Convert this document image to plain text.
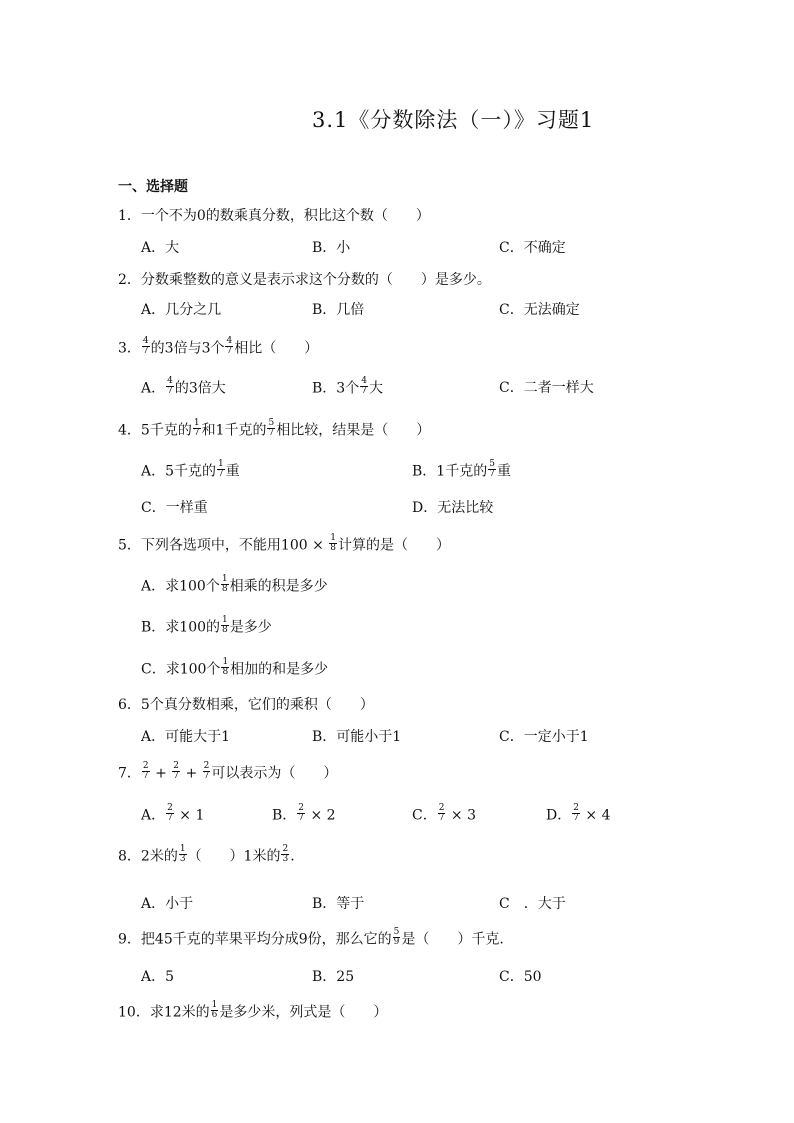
3.1《分数除法（一）》习题1
一、选择题
1．一个不为0的数乘真分数，积比这个数（　　）
A．大	B．小	C．不确定
2．分数乘整数的意义是表示求这个分数的（　　）是多少。
A．几分之几	B．几倍	C．无法确定
3． $\frac{4}{7}$ 的3倍与3个 $\frac{4}{7}$ 相比（　　）
A． $\frac{4}{7}$ 的3倍大	B．3个 $\frac{4}{7}$ 大	C．二者一样大
4．5千克的 $\frac{1}{7}$ 和1千克的 $\frac{5}{7}$ 相比较，结果是（　　）
A．5千克的 $\frac{1}{7}$ 重	B．1千克的 $\frac{5}{7}$ 重
C．一样重	D．无法比较
5．下列各选项中，不能用$100 \times \frac{1}{8}$ 计算的是（　　）
A．求100个 $\frac{1}{8}$ 相乘的积是多少
B．求100的 $\frac{1}{8}$ 是多少
C．求100个 $\frac{1}{8}$ 相加的和是多少
6．5个真分数相乘，它们的乘积（　　）
A．可能大于1	B．可能小于1	C．一定小于1
7． $\frac{2}{7} + \frac{2}{7} + \frac{2}{7}$ 可以表示为（　　）
A． $\frac{2}{7} \times 1$	B． $\frac{2}{7} \times 2$	C． $\frac{2}{7} \times 3$	D． $\frac{2}{7} \times 4$
8．2米的 $\frac{1}{3}$ （　　）1米的 $\frac{2}{3}$ .
A．小于	B．等于	C　．大于
9．把45千克的苹果平均分成9份，那么它的 $\frac{5}{9}$ 是（　　）千克.
A．5	B．25	C．50
10．求12米的 $\frac{1}{6}$ 是多少米，列式是（　　）
